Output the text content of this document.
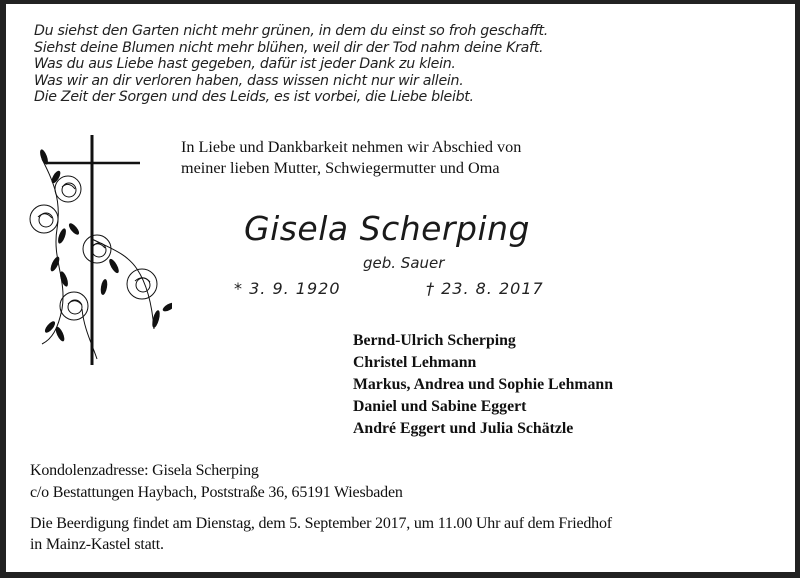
Du siehst den Garten nicht mehr grünen, in dem du einst so froh geschafft.
Siehst deine Blumen nicht mehr blühen, weil dir der Tod nahm deine Kraft.
Was du aus Liebe hast gegeben, dafür ist jeder Dank zu klein.
Was wir an dir verloren haben, dass wissen nicht nur wir allein.
Die Zeit der Sorgen und des Leids, es ist vorbei, die Liebe bleibt.
In Liebe und Dankbarkeit nehmen wir Abschied von
meiner lieben Mutter, Schwiegermutter und Oma
Gisela Scherping
geb. Sauer
* 3. 9. 1920	† 23. 8. 2017
Bernd-Ulrich Scherping
Christel Lehmann
Markus, Andrea und Sophie Lehmann
Daniel und Sabine Eggert
André Eggert und Julia Schätzle
Kondolenzadresse: Gisela Scherping
c/o Bestattungen Haybach, Poststraße 36, 65191 Wiesbaden
Die Beerdigung findet am Dienstag, dem 5. September 2017, um 11.00 Uhr auf dem Friedhof
in Mainz-Kastel statt.
